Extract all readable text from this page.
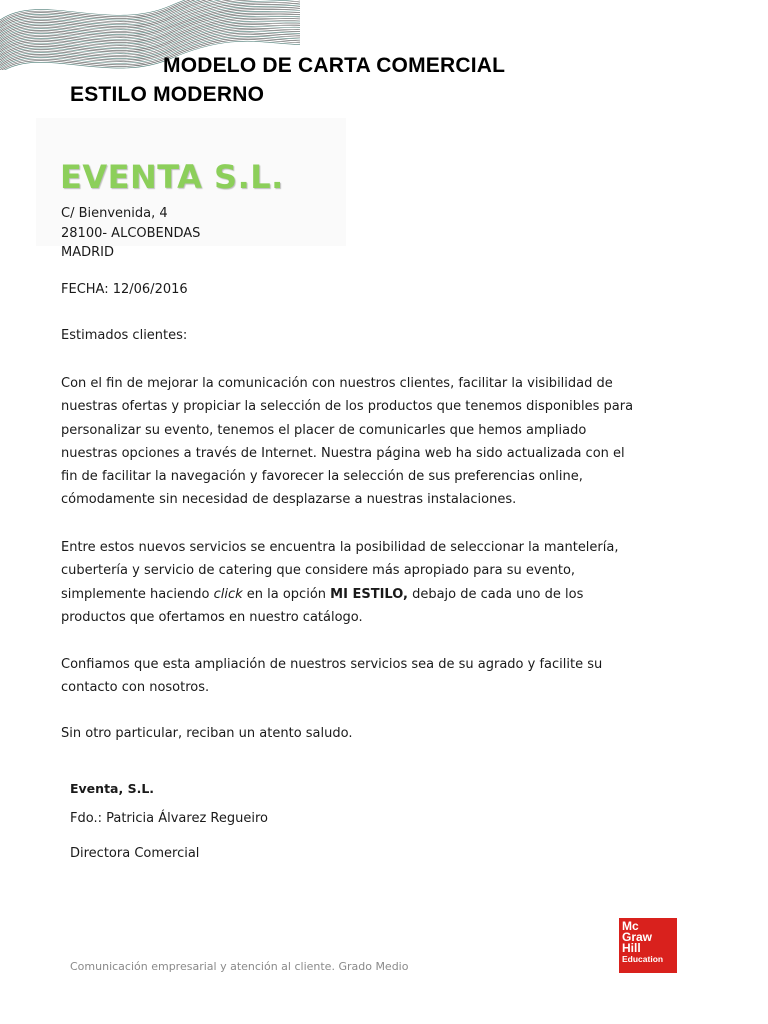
MODELO DE CARTA COMERCIAL
ESTILO MODERNO
EVENTA S.L.
C/ Bienvenida, 4
28100- ALCOBENDAS
MADRID
FECHA: 12/06/2016
Estimados clientes:
Con el fin de mejorar la comunicación con nuestros clientes, facilitar la visibilidad de
nuestras ofertas y propiciar la selección de los productos que tenemos disponibles para
personalizar su evento, tenemos el placer de comunicarles que hemos ampliado
nuestras opciones a través de Internet. Nuestra página web ha sido actualizada con el
fin de facilitar la navegación y favorecer la selección de sus preferencias online,
cómodamente sin necesidad de desplazarse a nuestras instalaciones.
Entre estos nuevos servicios se encuentra la posibilidad de seleccionar la mantelería,
cubertería y servicio de catering que considere más apropiado para su evento,
simplemente haciendo click en la opción MI ESTILO, debajo de cada uno de los
productos que ofertamos en nuestro catálogo.
Confiamos que esta ampliación de nuestros servicios sea de su agrado y facilite su
contacto con nosotros.
Sin otro particular, reciban un atento saludo.
Eventa, S.L.
Fdo.: Patricia Álvarez Regueiro
Directora Comercial
Comunicación empresarial y atención al cliente. Grado Medio
Mc
Graw
Hill
Education
